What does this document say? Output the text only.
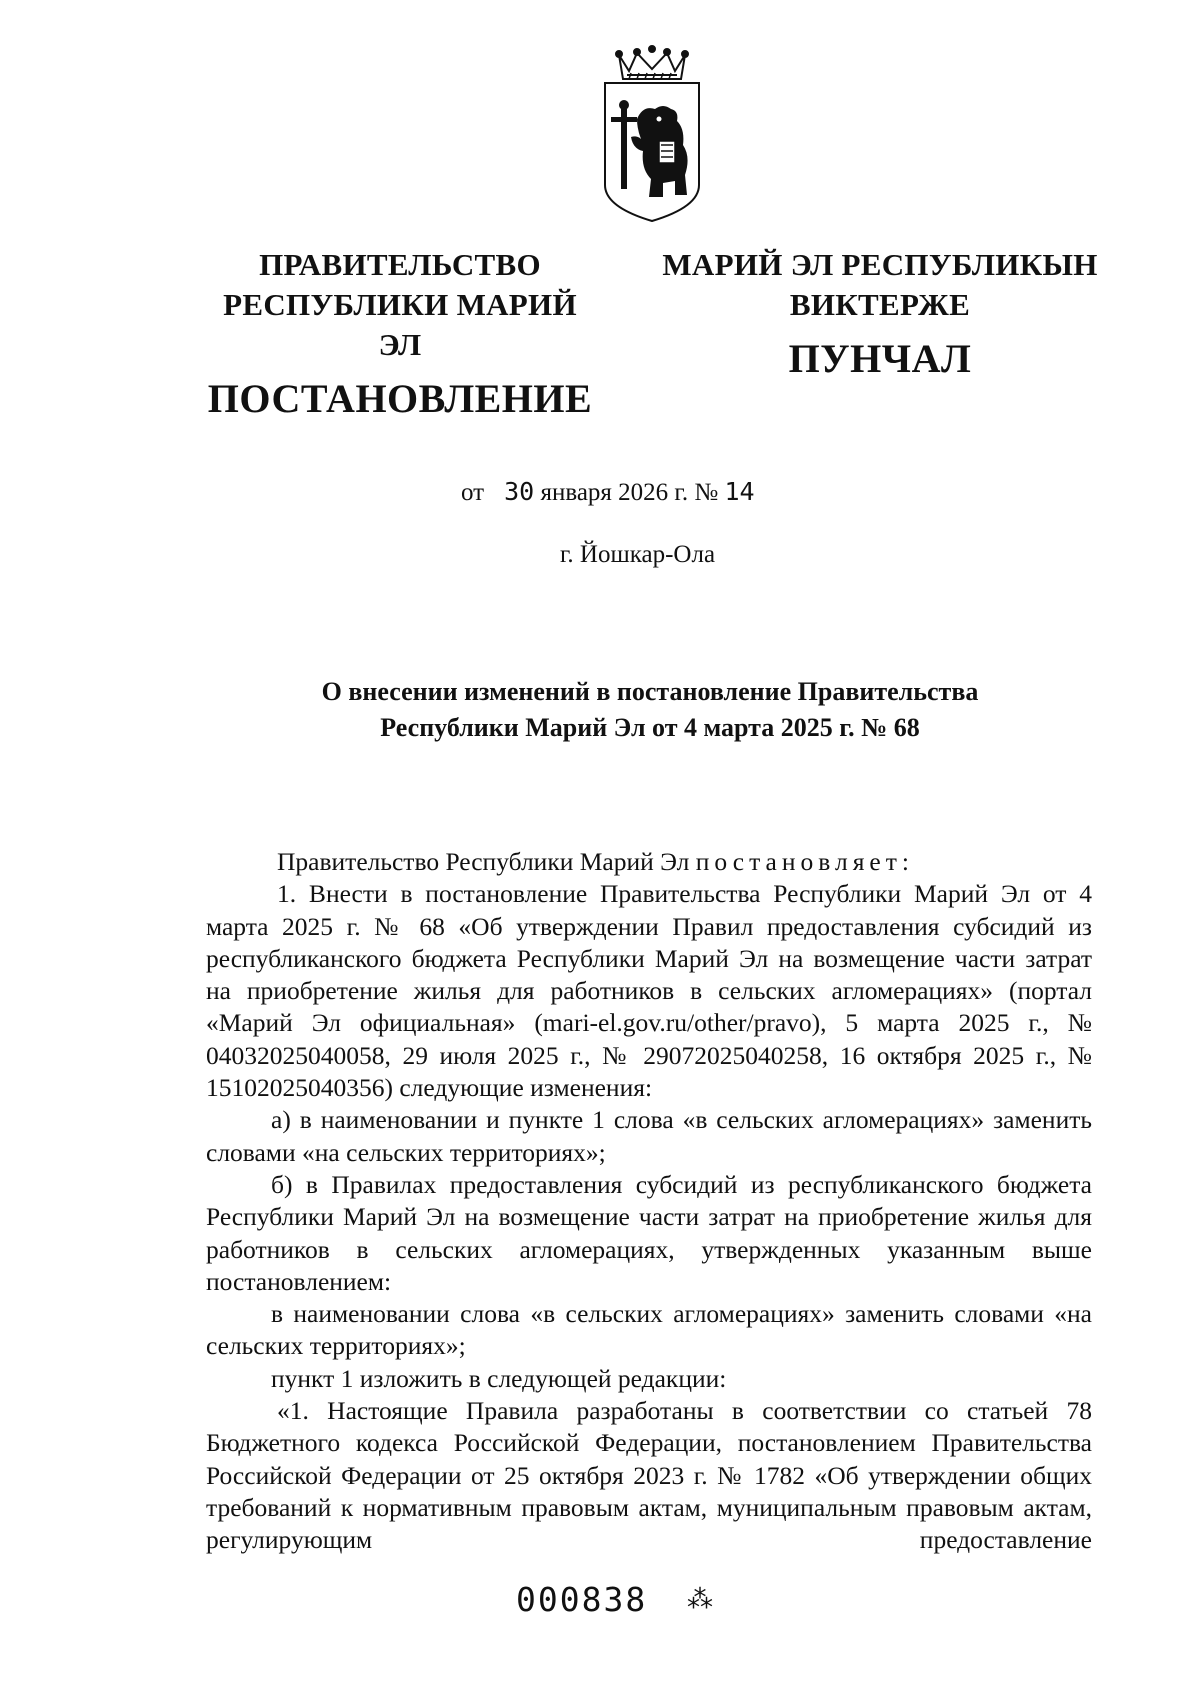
ПРАВИТЕЛЬСТВО
РЕСПУБЛИКИ МАРИЙ ЭЛ
ПОСТАНОВЛЕНИЕ
МАРИЙ ЭЛ РЕСПУБЛИКЫН
ВИКТЕРЖЕ
ПУНЧАЛ
от 30 января 2026 г. № 14
г. Йошкар-Ола
О внесении изменений в постановление Правительства
Республики Марий Эл от 4 марта 2025 г. № 68

Правительство Республики Марий Эл постановляет:

1. Внести в постановление Правительства Республики Марий Эл от 4 марта 2025 г. № 68 «Об утверждении Правил предоставления субсидий из республиканского бюджета Республики Марий Эл на возмещение части затрат на приобретение жилья для работников в сельских агломерациях» (портал «Марий Эл официальная» (mari-el.gov.ru/other/pravo), 5 марта 2025 г., № 04032025040058, 29 июля 2025 г., № 29072025040258, 16 октября 2025 г., № 15102025040356) следующие изменения:

а) в наименовании и пункте 1 слова «в сельских агломерациях» заменить словами «на сельских территориях»;

б) в Правилах предоставления субсидий из республиканского бюджета Республики Марий Эл на возмещение части затрат на приобретение жилья для работников в сельских агломерациях, утвержденных указанным выше постановлением:

в наименовании слова «в сельских агломерациях» заменить словами «на сельских территориях»;

пункт 1 изложить в следующей редакции:

«1. Настоящие Правила разработаны в соответствии со статьей 78 Бюджетного кодекса Российской Федерации, постановлением Правительства Российской Федерации от 25 октября 2023 г. № 1782 «Об утверждении общих требований к нормативным правовым актам, муниципальным правовым актам, регулирующим предоставление

000838 ⁂
